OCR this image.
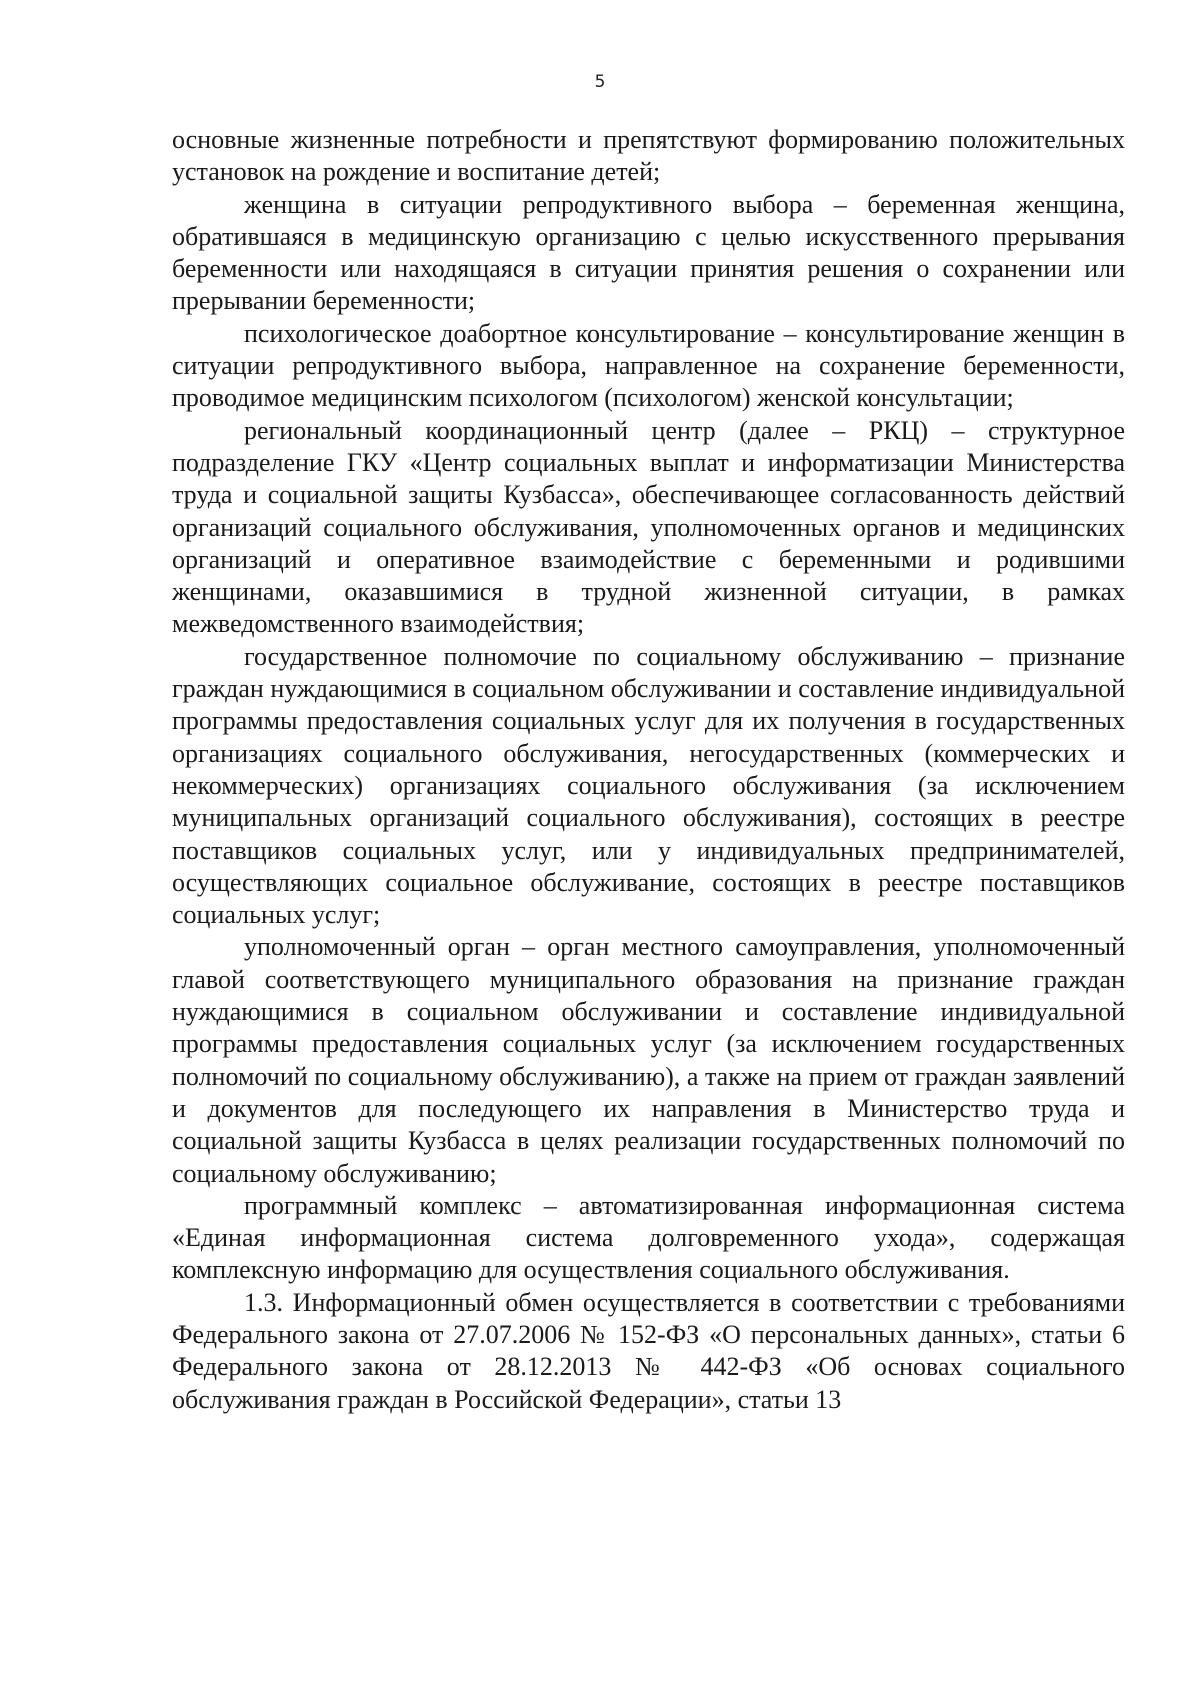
5

основные жизненные потребности и препятствуют формированию положительных установок на рождение и воспитание детей;

женщина в ситуации репродуктивного выбора – беременная женщина, обратившаяся в медицинскую организацию с целью искусственного прерывания беременности или находящаяся в ситуации принятия решения о сохранении или прерывании беременности;

психологическое доабортное консультирование – консультирование женщин в ситуации репродуктивного выбора, направленное на сохранение беременности, проводимое медицинским психологом (психологом) женской консультации;

региональный координационный центр (далее – РКЦ) – структурное подразделение ГКУ «Центр социальных выплат и информатизации Министерства труда и социальной защиты Кузбасса», обеспечивающее согласованность действий организаций социального обслуживания, уполномоченных органов и медицинских организаций и оперативное взаимодействие с беременными и родившими женщинами, оказавшимися в трудной жизненной ситуации, в рамках межведомственного взаимодействия;

государственное полномочие по социальному обслуживанию – признание граждан нуждающимися в социальном обслуживании и составление индивидуальной программы предоставления социальных услуг для их получения в государственных организациях социального обслуживания, негосударственных (коммерческих и некоммерческих) организациях социального обслуживания (за исключением муниципальных организаций социального обслуживания), состоящих в реестре поставщиков социальных услуг, или у индивидуальных предпринимателей, осуществляющих социальное обслуживание, состоящих в реестре поставщиков социальных услуг;

уполномоченный орган – орган местного самоуправления, уполномоченный главой соответствующего муниципального образования на признание граждан нуждающимися в социальном обслуживании и составление индивидуальной программы предоставления социальных услуг (за исключением государственных полномочий по социальному обслуживанию), а также на прием от граждан заявлений и документов для последующего их направления в Министерство труда и социальной защиты Кузбасса в целях реализации государственных полномочий по социальному обслуживанию;

программный комплекс – автоматизированная информационная система «Единая информационная система долговременного ухода», содержащая комплексную информацию для осуществления социального обслуживания.

1.3. Информационный обмен осуществляется в соответствии с требованиями Федерального закона от 27.07.2006 № 152-ФЗ «О персональных данных», статьи 6 Федерального закона от 28.12.2013 № 442-ФЗ «Об основах социального обслуживания граждан в Российской Федерации», статьи 13
